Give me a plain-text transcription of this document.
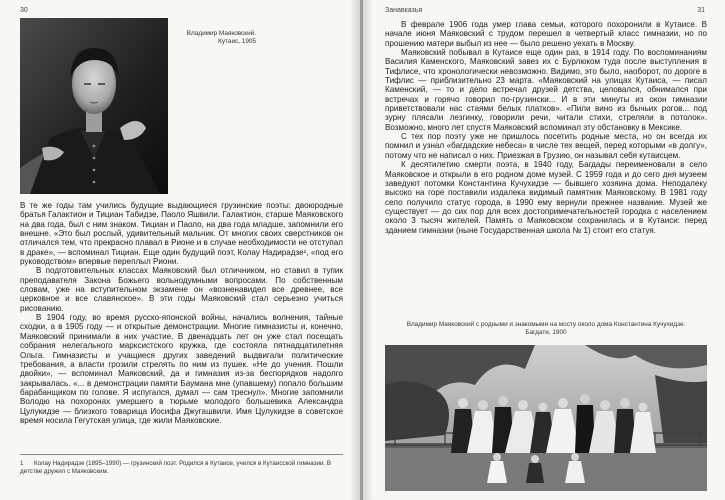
30
Владимир Маяковский.
Кутаис, 1905

В те же годы там учились будущие выдающиеся грузинские поэты: двоюродные братья Галактион и Тициан Табидзе, Паоло Яшвили. Галактион, старше Маяковского на два года, был с ним знаком. Тициан и Паоло, на два года младше, запомнили его внешне. «Это был рослый, удивительный мальчик. От многих своих сверстников он отличался тем, что прекрасно плавал в Рионе и в случае необходимости не отступал в драке», — вспоминал Тициан. Еще один будущий поэт, Колау Надирадзе¹, «под его руководством» впервые переплыл Риони.

В подготовительных классах Маяковский был отличником, но ставил в тупик преподавателя Закона Божьего вольнодумными вопросами. По собственным словам, уже на вступительном экзамене он «возненавидел все древнее, все церковное и все славянское». В эти годы Маяковский стал серьезно учиться рисованию.

В 1904 году, во время русско-японской войны, начались волнения, тайные сходки, а в 1905 году — и открытые демонстрации. Многие гимназисты и, конечно, Маяковский принимали в них участие. В двенадцать лет он уже стал посещать собрания нелегального марксистского кружка, где состояла пятнадцатилетняя Ольга. Гимназисты и учащиеся других заведений выдвигали политические требования, а власти грозили стрелять по ним из пушек. «Не до учения. Пошли двойки», — вспоминал Маяковский, да и гимназия из-за беспорядков надолго закрывалась. «... в демонстрации памяти Баумана мне (упавшему) попало большим барабанщиком по голове. Я испугался, думал — сам треснул». Многие запомнили Володю на похоронах умершего в тюрьме молодого большевика Александра Цулукидзе — близкого товарища Иосифа Джугашвили. Имя Цулукидзе в советское время носила Гегутская улица, где жили Маяковские.

1 Колау Надирадзе (1895–1990) — грузинский поэт. Родился в Кутаисе, учился в Кутаисской гимназии. В детстве дружил с Маяковским.
Занавказья	31

В феврале 1906 года умер глава семьи, которого похоронили в Кутаисе. В начале июня Маяковский с трудом перешел в четвертый класс гимназии, но по прошению матери выбыл из нее — было решено уехать в Москву.

Маяковский побывал в Кутаисе еще один раз, в 1914 году. По воспоминаниям Василия Каменского, Маяковский завез их с Бурлюком туда после выступления в Тифлисе, что хронологически невозможно. Видимо, это было, наоборот, по дороге в Тифлис — приблизительно 23 марта. «Маяковский на улицах Кутаиса, — писал Каменский, — то и дело встречал друзей детства, целовался, обнимался при встречах и горячо говорил по-грузински... И в эти минуты из окон гимназии приветствовали нас стаями белых платков». «Пили вино из бычьих рогов... под зурну плясали лезгинку, говорили речи, читали стихи, стреляли в потолок». Возможно, много лет спустя Маяковский вспоминал эту обстановку в Мексике.

С тех пор поэту уже не пришлось посетить родные места, но он всегда их помнил и узнал «багдадские небеса» в числе тех вещей, перед которыми «в долгу», потому что не написал о них. Приезжая в Грузию, он называл себя кутаисцем.

К десятилетию смерти поэта, в 1940 году, Багдады переименовали в село Маяковское и открыли в его родном доме музей. С 1959 года и до сего дня музеем заведуют потомки Константина Кучухидзе — бывшего хозяина дома. Неподалеку высоко на горе поставили издалека видимый памятник Маяковскому. В 1981 году село получило статус города, в 1990 ему вернули прежнее название. Музей же существует — до сих пор для всех достопримечательностей городка с населением около 3 тысяч жителей. Память о Маяковском сохранилась и в Кутаиси: перед зданием гимназии (ныне Государственная школа № 1) стоит его статуя.

Владимир Маяковский с родными и знакомыми на мосту около дома Константина Кучухидзе.
Багдати, 1900
